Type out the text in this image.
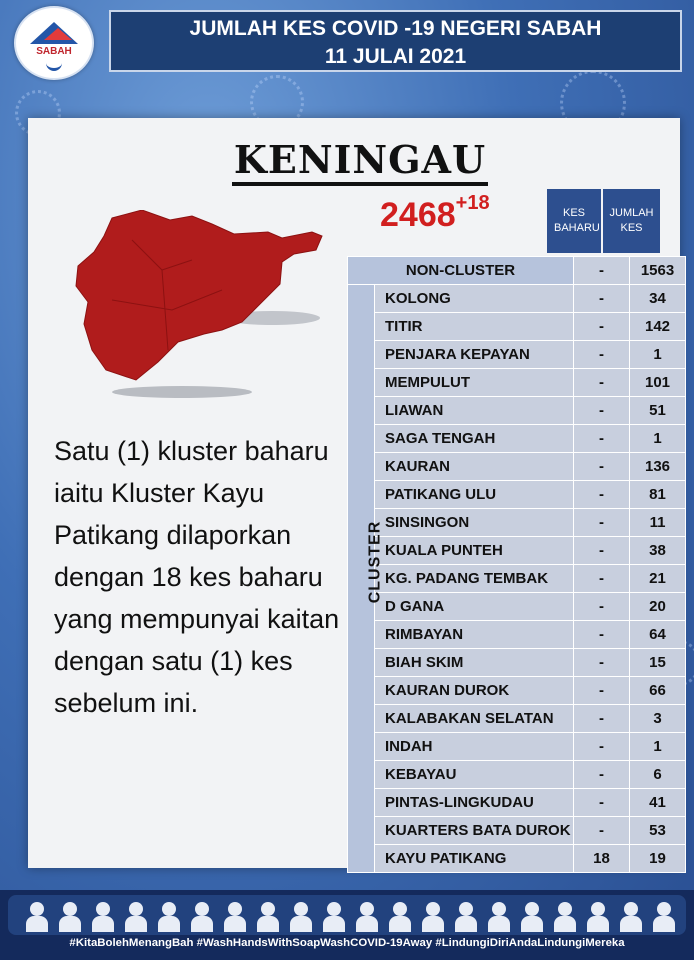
SABAH
JUMLAH KES COVID -19 NEGERI SABAH
11 JULAI 2021
KENINGAU
$2468^{+18}$
Satu (1) kluster baharu iaitu Kluster Kayu Patikang dilaporkan dengan 18 kes baharu yang mempunyai kaitan dengan satu (1) kes sebelum ini.
KES BAHARU
JUMLAH KES
NON-CLUSTER		-	1563

CLUSTER	KOLONG	-	34
	TITIR	-	142
	PENJARA KEPAYAN	-	1
	MEMPULUT	-	101
	LIAWAN	-	51
	SAGA TENGAH	-	1
	KAURAN	-	136
	PATIKANG ULU	-	81
	SINSINGON	-	11
	KUALA PUNTEH	-	38
	KG. PADANG TEMBAK	-	21
	D GANA	-	20
	RIMBAYAN	-	64
	BIAH SKIM	-	15
	KAURAN DUROK	-	66
	KALABAKAN SELATAN	-	3
	INDAH	-	1
	KEBAYAU	-	6
	PINTAS-LINGKUDAU	-	41
	KUARTERS BATA DUROK	-	53
	KAYU PATIKANG	18	19
#KitaBolehMenangBah #WashHandsWithSoapWashCOVID-19Away #LindungiDiriAndaLindungiMereka
